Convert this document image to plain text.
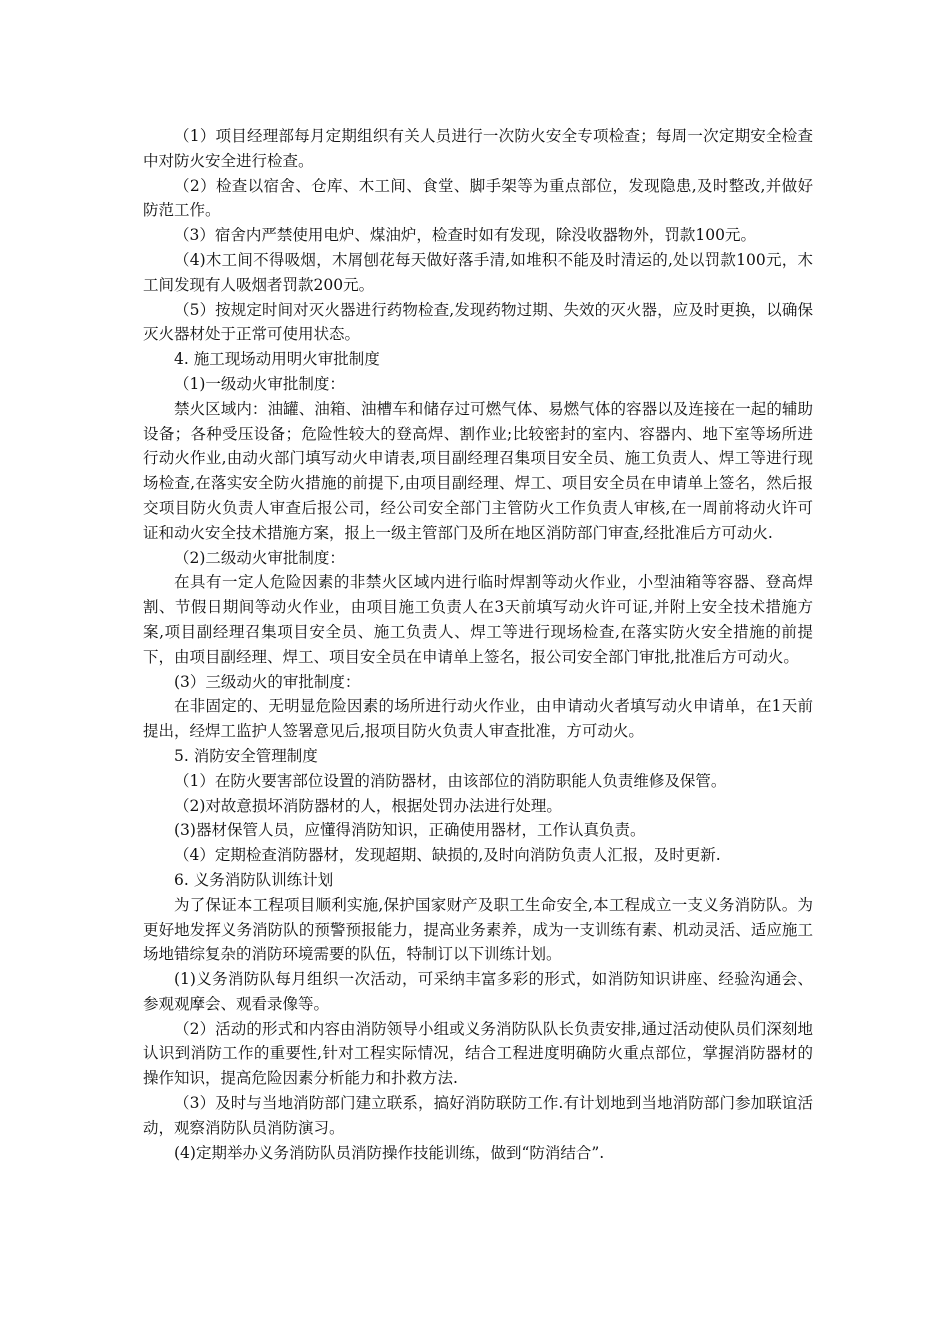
（1）项目经理部每月定期组织有关人员进行一次防火安全专项检查；每周一次定期安全检查中对防火安全进行检查。

（2）检查以宿舍、仓库、木工间、食堂、脚手架等为重点部位，发现隐患,及时整改,并做好防范工作。

（3）宿舍内严禁使用电炉、煤油炉，检查时如有发现，除没收器物外，罚款100元。

（4)木工间不得吸烟，木屑刨花每天做好落手清,如堆积不能及时清运的,处以罚款100元，木工间发现有人吸烟者罚款200元。

（5）按规定时间对灭火器进行药物检查,发现药物过期、失效的灭火器，应及时更换，以确保灭火器材处于正常可使用状态。

4. 施工现场动用明火审批制度

（1)一级动火审批制度：

禁火区域内：油罐、油箱、油槽车和储存过可燃气体、易燃气体的容器以及连接在一起的辅助设备；各种受压设备；危险性较大的登高焊、割作业;比较密封的室内、容器内、地下室等场所进行动火作业,由动火部门填写动火申请表,项目副经理召集项目安全员、施工负责人、焊工等进行现场检查,在落实安全防火措施的前提下,由项目副经理、焊工、项目安全员在申请单上签名，然后报交项目防火负责人审查后报公司，经公司安全部门主管防火工作负责人审核,在一周前将动火许可证和动火安全技术措施方案，报上一级主管部门及所在地区消防部门审查,经批准后方可动火.

（2)二级动火审批制度：

在具有一定人危险因素的非禁火区域内进行临时焊割等动火作业，小型油箱等容器、登高焊割、节假日期间等动火作业，由项目施工负责人在3天前填写动火许可证,并附上安全技术措施方案,项目副经理召集项目安全员、施工负责人、焊工等进行现场检查,在落实防火安全措施的前提下，由项目副经理、焊工、项目安全员在申请单上签名，报公司安全部门审批,批准后方可动火。

(3）三级动火的审批制度：

在非固定的、无明显危险因素的场所进行动火作业，由申请动火者填写动火申请单，在1天前提出，经焊工监护人签署意见后,报项目防火负责人审查批准，方可动火。

5. 消防安全管理制度

（1）在防火要害部位设置的消防器材，由该部位的消防职能人负责维修及保管。

（2)对故意损坏消防器材的人，根据处罚办法进行处理。

(3)器材保管人员，应懂得消防知识，正确使用器材，工作认真负责。

（4）定期检查消防器材，发现超期、缺损的,及时向消防负责人汇报，及时更新.

6. 义务消防队训练计划

为了保证本工程项目顺利实施,保护国家财产及职工生命安全,本工程成立一支义务消防队。为更好地发挥义务消防队的预警预报能力，提高业务素养，成为一支训练有素、机动灵活、适应施工场地错综复杂的消防环境需要的队伍，特制订以下训练计划。

(1)义务消防队每月组织一次活动，可采纳丰富多彩的形式，如消防知识讲座、经验沟通会、参观观摩会、观看录像等。

（2）活动的形式和内容由消防领导小组或义务消防队队长负责安排,通过活动使队员们深刻地认识到消防工作的重要性,针对工程实际情况，结合工程进度明确防火重点部位，掌握消防器材的操作知识，提高危险因素分析能力和扑救方法.

（3）及时与当地消防部门建立联系，搞好消防联防工作.有计划地到当地消防部门参加联谊活动，观察消防队员消防演习。

(4)定期举办义务消防队员消防操作技能训练，做到“防消结合”.
